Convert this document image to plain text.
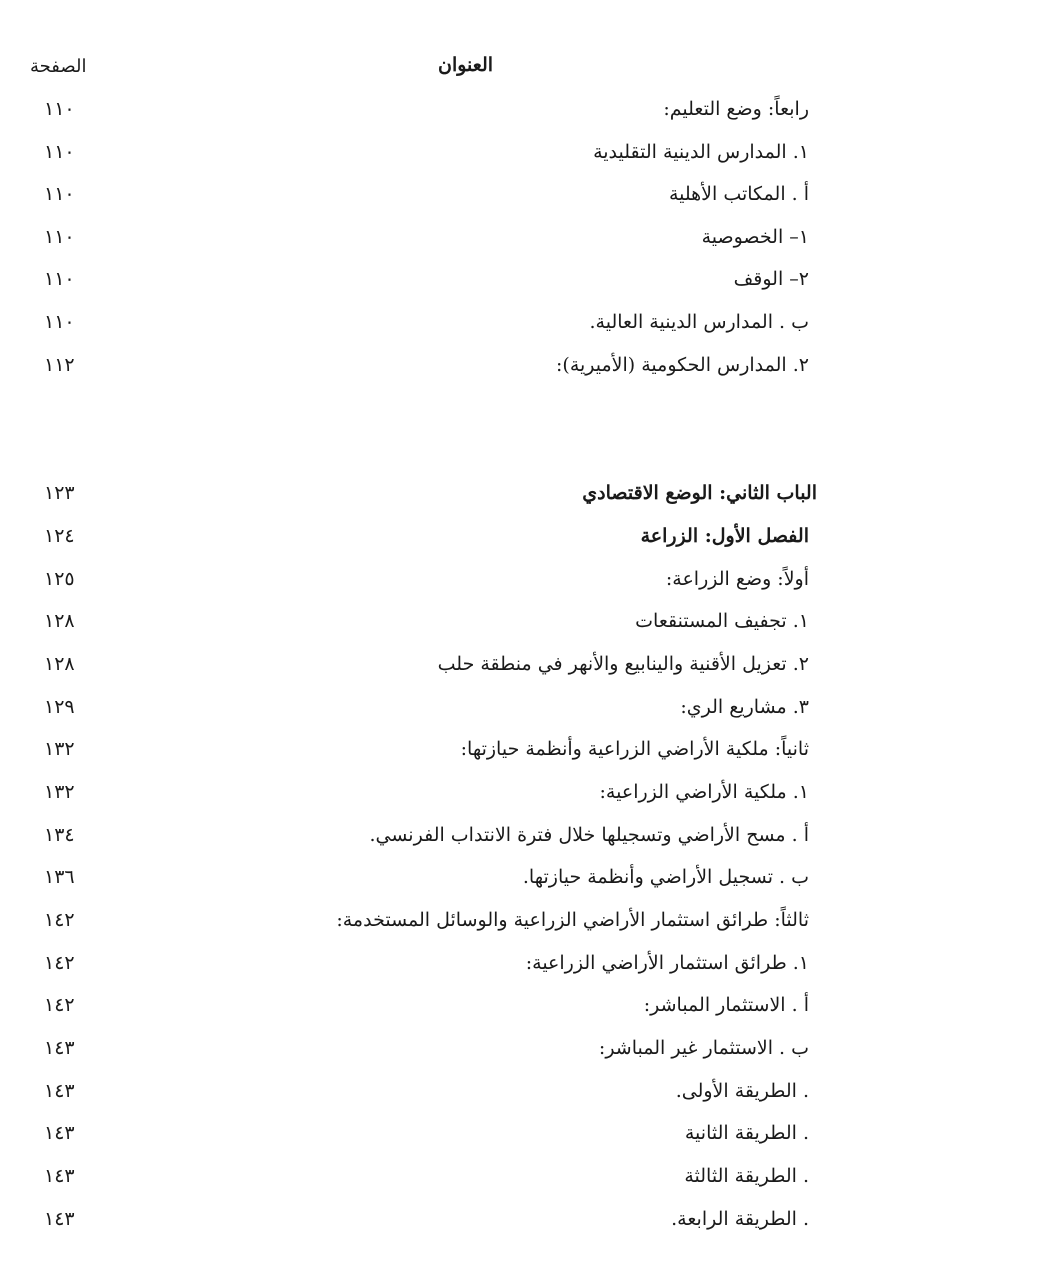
الصفحة	العنوان
رابعاً: وضع التعليم:
١١٠
١. المدارس الدينية التقليدية
١١٠
أ . المكاتب الأهلية
١١٠
١– الخصوصية
١١٠
٢– الوقف
١١٠
ب . المدارس الدينية العالية.
١١٠
٢. المدارس الحكومية (الأميرية):
١١٢
الباب الثاني: الوضع الاقتصادي
١٢٣
الفصل الأول: الزراعة
١٢٤
أولاً: وضع الزراعة:
١٢٥
١. تجفيف المستنقعات
١٢٨
٢. تعزيل الأقنية والينابيع والأنهر في منطقة حلب
١٢٨
٣. مشاريع الري:
١٢٩
ثانياً: ملكية الأراضي الزراعية وأنظمة حيازتها:
١٣٢
١. ملكية الأراضي الزراعية:
١٣٢
أ . مسح الأراضي وتسجيلها خلال فترة الانتداب الفرنسي.
١٣٤
ب . تسجيل الأراضي وأنظمة حيازتها.
١٣٦
ثالثاً: طرائق استثمار الأراضي الزراعية والوسائل المستخدمة:
١٤٢
١. طرائق استثمار الأراضي الزراعية:
١٤٢
أ . الاستثمار المباشر:
١٤٢
ب . الاستثمار غير المباشر:
١٤٣
. الطريقة الأولى.
١٤٣
. الطريقة الثانية
١٤٣
. الطريقة الثالثة
١٤٣
. الطريقة الرابعة.
١٤٣
